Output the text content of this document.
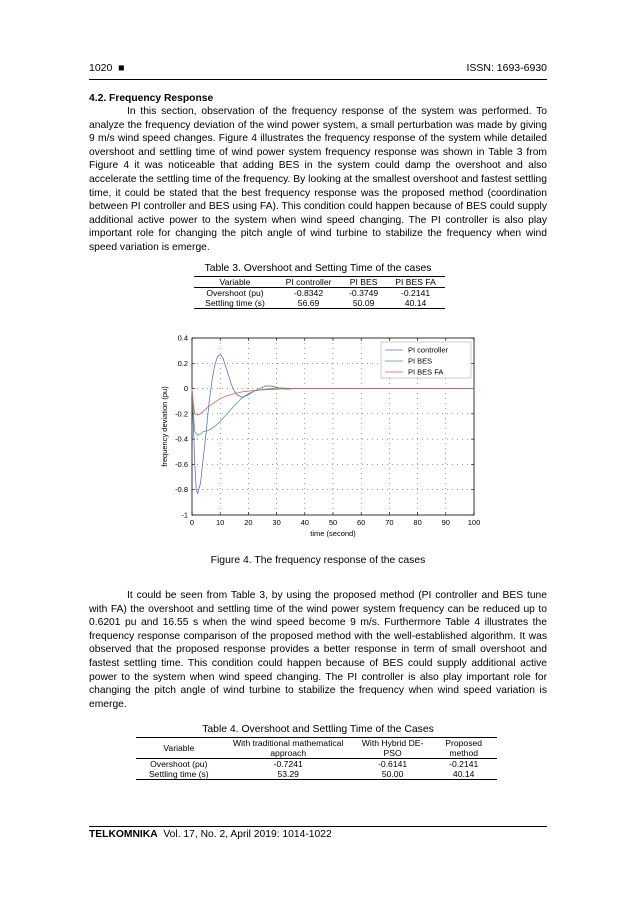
1020 ■	ISSN: 1693-6930
4.2. Frequency Response
In this section, observation of the frequency response of the system was performed. To analyze the frequency deviation of the wind power system, a small perturbation was made by giving 9 m/s wind speed changes. Figure 4 illustrates the frequency response of the system while detailed overshoot and settling time of wind power system frequency response was shown in Table 3 from Figure 4 it was noticeable that adding BES in the system could damp the overshoot and also accelerate the settling time of the frequency. By looking at the smallest overshoot and fastest settling time, it could be stated that the best frequency response was the proposed method (coordination between PI controller and BES using FA). This condition could happen because of BES could supply additional active power to the system when wind speed changing. The PI controller is also play important role for changing the pitch angle of wind turbine to stabilize the frequency when wind speed variation is emerge.
Table 3. Overshoot and Setting Time of the cases
Variable	PI controller	PI BES	PI BES FA
Overshoot (pu)	-0.8342	-0.3749	-0.2141
Settling time (s)	56.69	50.09	40.14
0	10	20	30	40	50	60	70	80	90 100
-1
-0.8
-0.6
-0.4
-0.2
0
0.2
0.4
time (second)
frequency deviation (pu)
PI controller
PI BES
PI BES FA
Figure 4. The frequency response of the cases
It could be seen from Table 3, by using the proposed method (PI controller and BES tune with FA) the overshoot and settling time of the wind power system frequency can be reduced up to 0.6201 pu and 16.55 s when the wind speed become 9 m/s. Furthermore Table 4 illustrates the frequency response comparison of the proposed method with the well-established algorithm. It was observed that the proposed response provides a better response in term of small overshoot and fastest settling time. This condition could happen because of BES could supply additional active power to the system when wind speed changing. The PI controller is also play important role for changing the pitch angle of wind turbine to stabilize the frequency when wind speed variation is emerge.
Table 4. Overshoot and Settling Time of the Cases
Variable	With traditional mathematical approach	With Hybrid DE-PSO	Proposed method
Overshoot (pu)	-0.7241	-0.6141	-0.2141
Settling time (s)	53.29	50.00	40.14
TELKOMNIKA Vol. 17, No. 2, April 2019: 1014-1022
